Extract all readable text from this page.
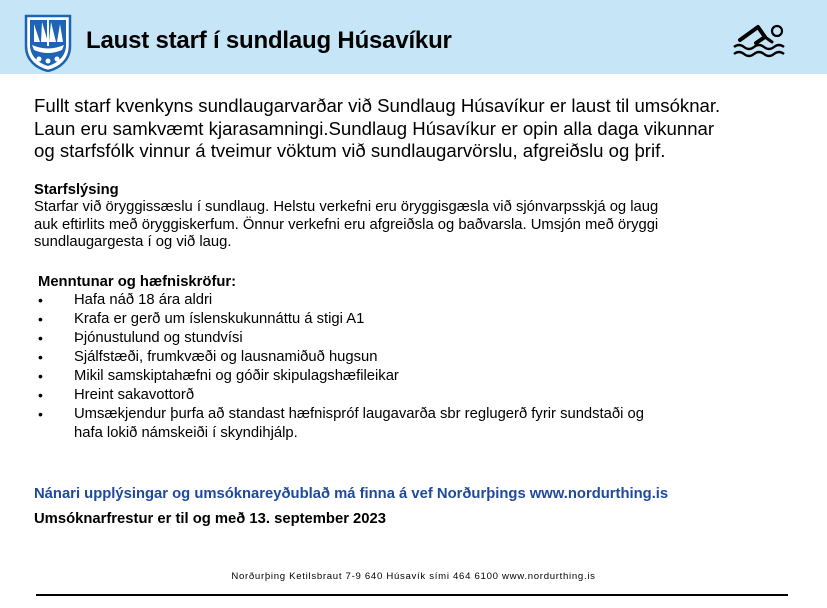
Laust starf í sundlaug Húsavíkur

Fullt starf kvenkyns sundlaugarvarðar við Sundlaug Húsavíkur er laust til umsóknar.
Laun eru samkvæmt kjarasamningi.Sundlaug Húsavíkur er opin alla daga vikunnar
og starfsfólk vinnur á tveimur vöktum við sundlaugarvörslu, afgreiðslu og þrif.

Starfslýsing
Starfar við öryggissæslu í sundlaug. Helstu verkefni eru öryggisgæsla við sjónvarpsskjá og laug
auk eftirlits með öryggiskerfum. Önnur verkefni eru afgreiðsla og baðvarsla. Umsjón með öryggi
sundlaugargesta í og við laug.
Menntunar og hæfniskröfur:
• Hafa náð 18 ára aldri
• Krafa er gerð um íslenskukunnáttu á stigi A1
• Þjónustulund og stundvísi
• Sjálfstæði, frumkvæði og lausnamiðuð hugsun
• Mikil samskiptahæfni og góðir skipulagshæfileikar
• Hreint sakavottorð
• Umsækjendur þurfa að standast hæfnispróf laugavarða sbr reglugerð fyrir sundstaði og
hafa lokið námskeiði í skyndihjálp.
Nánari upplýsingar og umsóknareyðublað má finna á vef Norðurþings www.nordurthing.is
Umsóknarfrestur er til og með 13. september 2023
Norðurþing Ketilsbraut 7-9 640 Húsavík sími 464 6100 www.nordurthing.is
